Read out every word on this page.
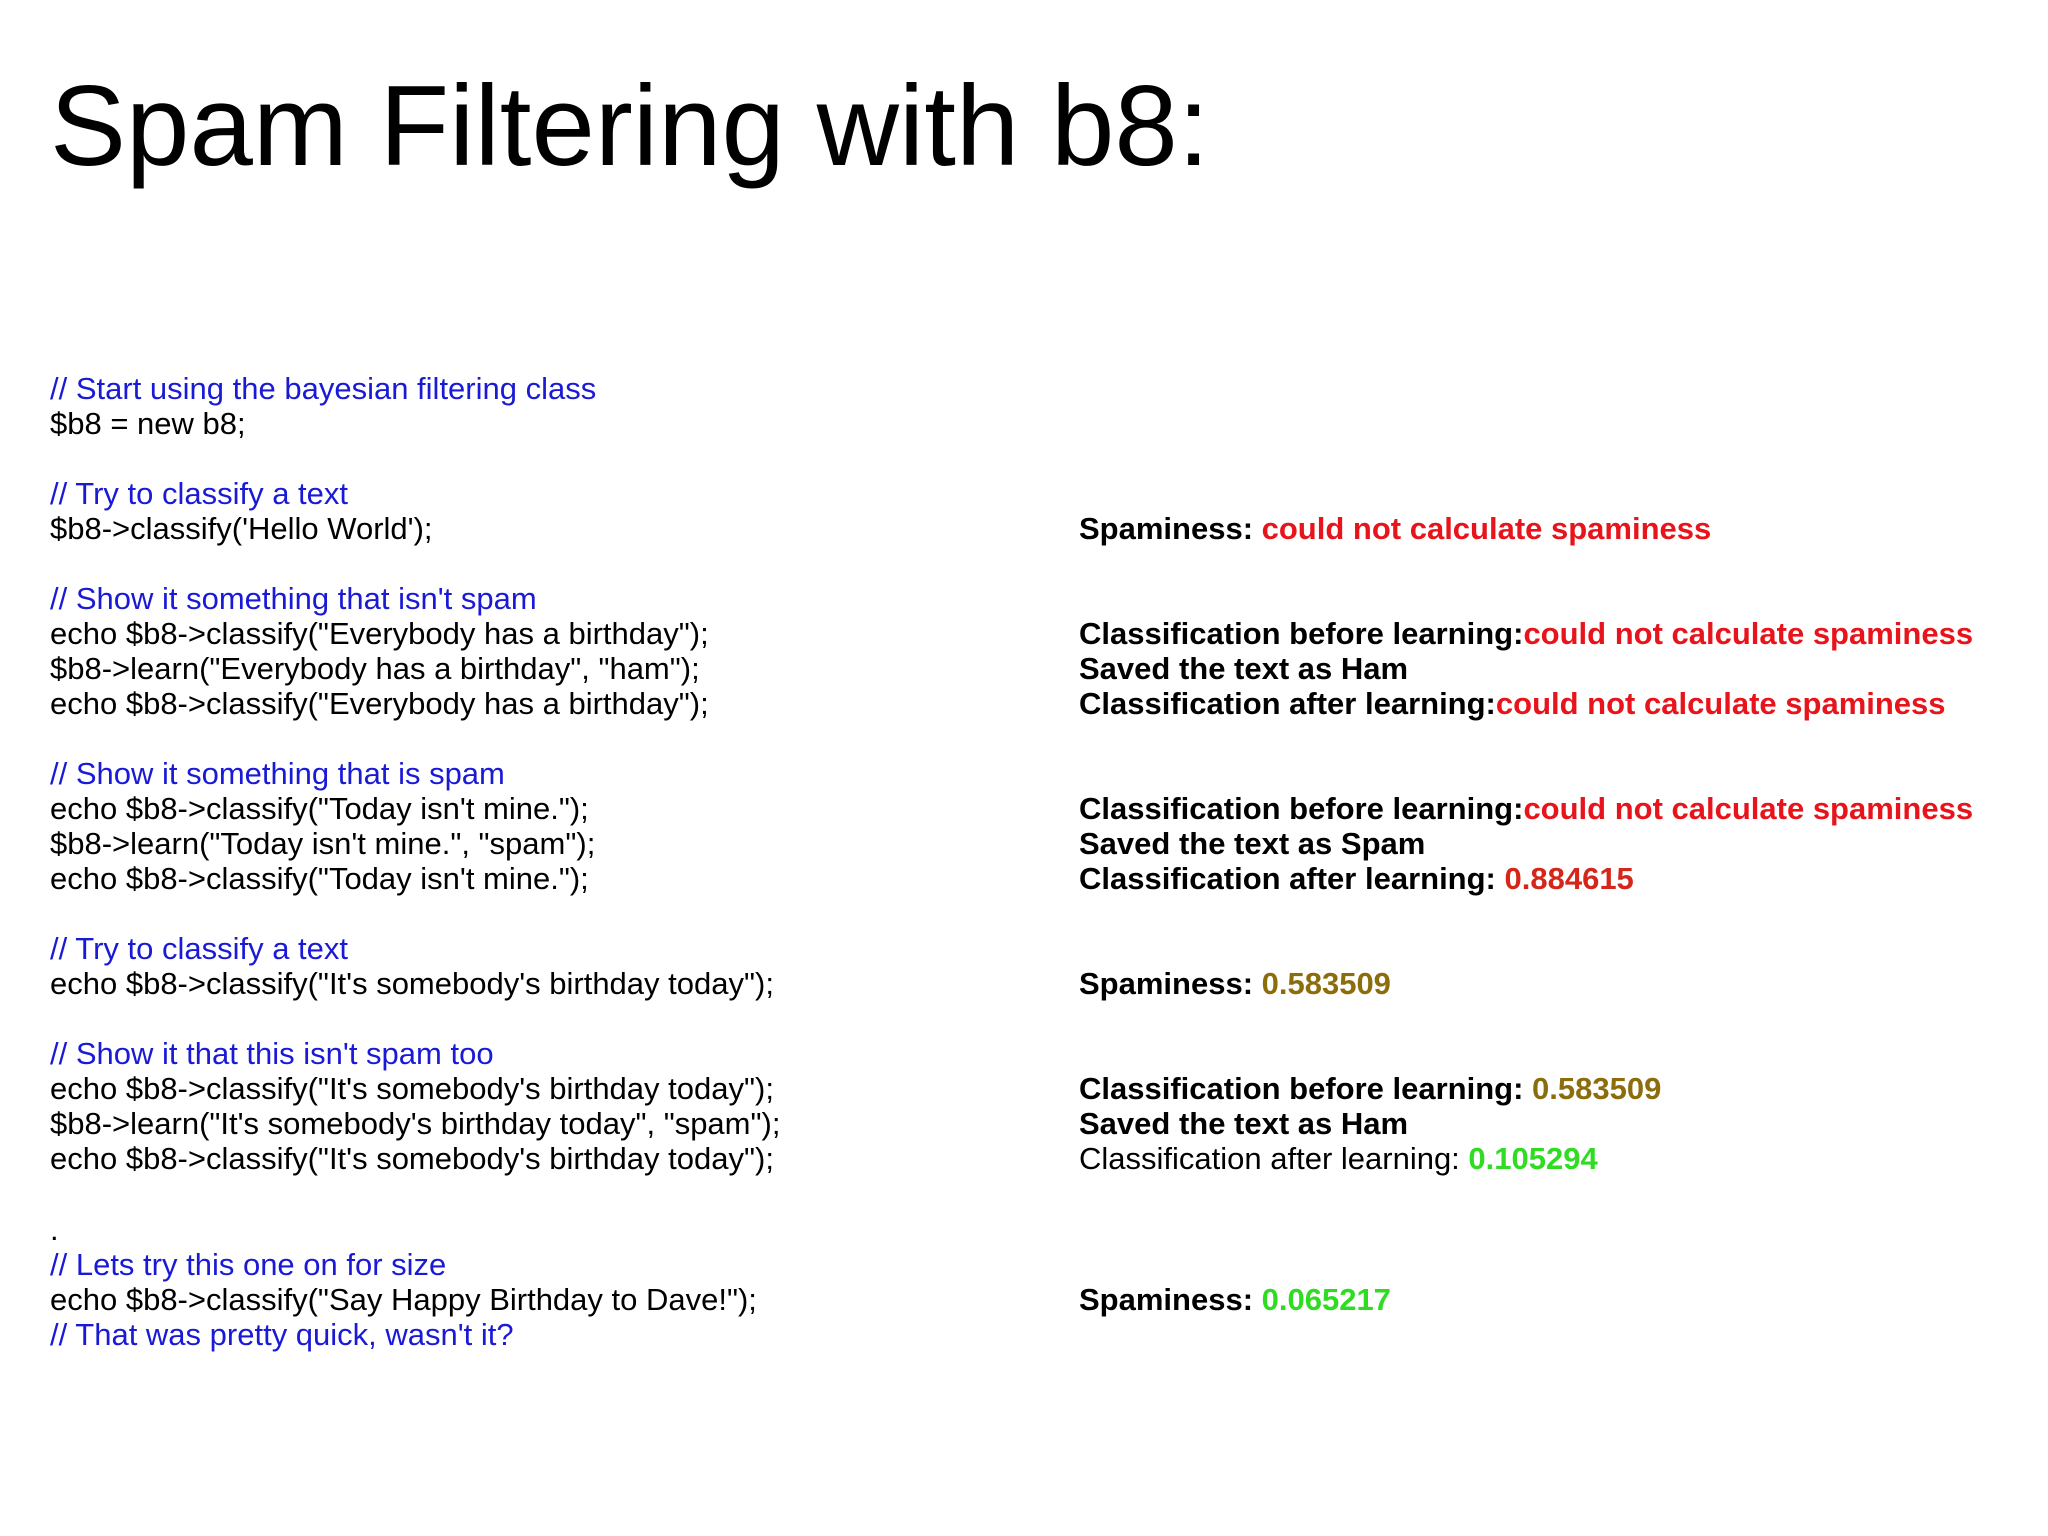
Spam Filtering with b8:
// Start using the bayesian filtering class
$b8 = new b8;
// Try to classify a text
$b8->classify('Hello World');
// Show it something that isn't spam
echo $b8->classify("Everybody has a birthday");
$b8->learn("Everybody has a birthday", "ham");
echo $b8->classify("Everybody has a birthday");
// Show it something that is spam
echo $b8->classify("Today isn't mine.");
$b8->learn("Today isn't mine.", "spam");
echo $b8->classify("Today isn't mine.");
// Try to classify a text
echo $b8->classify("It's somebody's birthday today");
// Show it that this isn't spam too
echo $b8->classify("It's somebody's birthday today");
$b8->learn("It's somebody's birthday today", "spam");
echo $b8->classify("It's somebody's birthday today");
.
// Lets try this one on for size
echo $b8->classify("Say Happy Birthday to Dave!");
// That was pretty quick, wasn't it?
Spaminess: could not calculate spaminess
Classification before learning:could not calculate spaminess
Saved the text as Ham
Classification after learning:could not calculate spaminess
Classification before learning:could not calculate spaminess
Saved the text as Spam
Classification after learning: 0.884615
Spaminess: 0.583509
Classification before learning: 0.583509
Saved the text as Ham
Classification after learning: 0.105294
Spaminess: 0.065217
